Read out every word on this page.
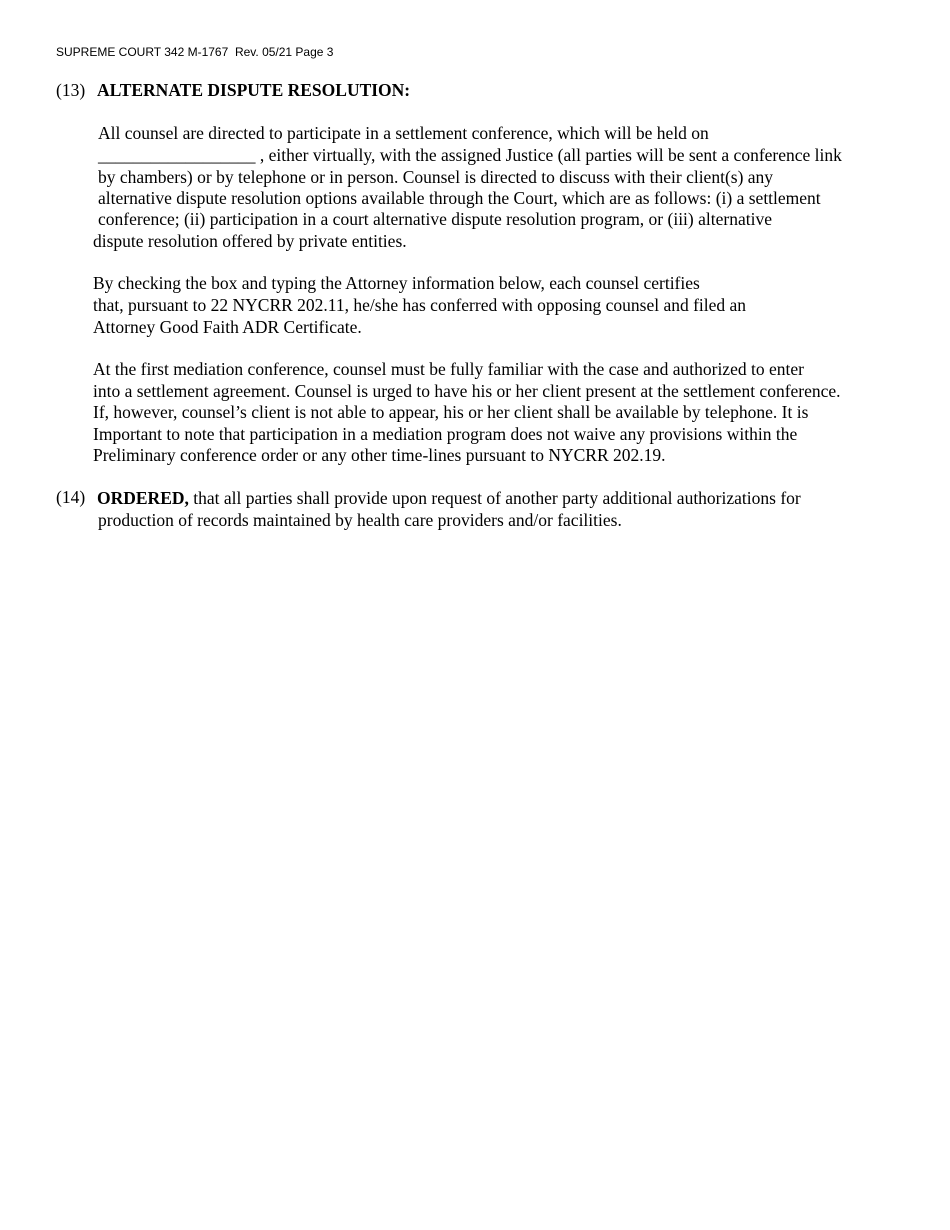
SUPREME COURT 342 M-1767  Rev. 05/21 Page 3
(13) ALTERNATE DISPUTE RESOLUTION:
All counsel are directed to participate in a settlement conference, which will be held on
__________________ , either virtually, with the assigned Justice (all parties will be sent a conference link
by chambers) or by telephone or in person. Counsel is directed to discuss with their client(s) any
alternative dispute resolution options available through the Court, which are as follows: (i) a settlement
conference; (ii) participation in a court alternative dispute resolution program, or (iii) alternative
dispute resolution offered by private entities.
By checking the box and typing the Attorney information below, each counsel certifies
that, pursuant to 22 NYCRR 202.11, he/she has conferred with opposing counsel and filed an
Attorney Good Faith ADR Certificate.
At the first mediation conference, counsel must be fully familiar with the case and authorized to enter
into a settlement agreement. Counsel is urged to have his or her client present at the settlement conference.
If, however, counsel’s client is not able to appear, his or her client shall be available by telephone. It is
Important to note that participation in a mediation program does not waive any provisions within the
Preliminary conference order or any other time-lines pursuant to NYCRR 202.19.
(14) ORDERED, that all parties shall provide upon request of another party additional authorizations for
production of records maintained by health care providers and/or facilities.
